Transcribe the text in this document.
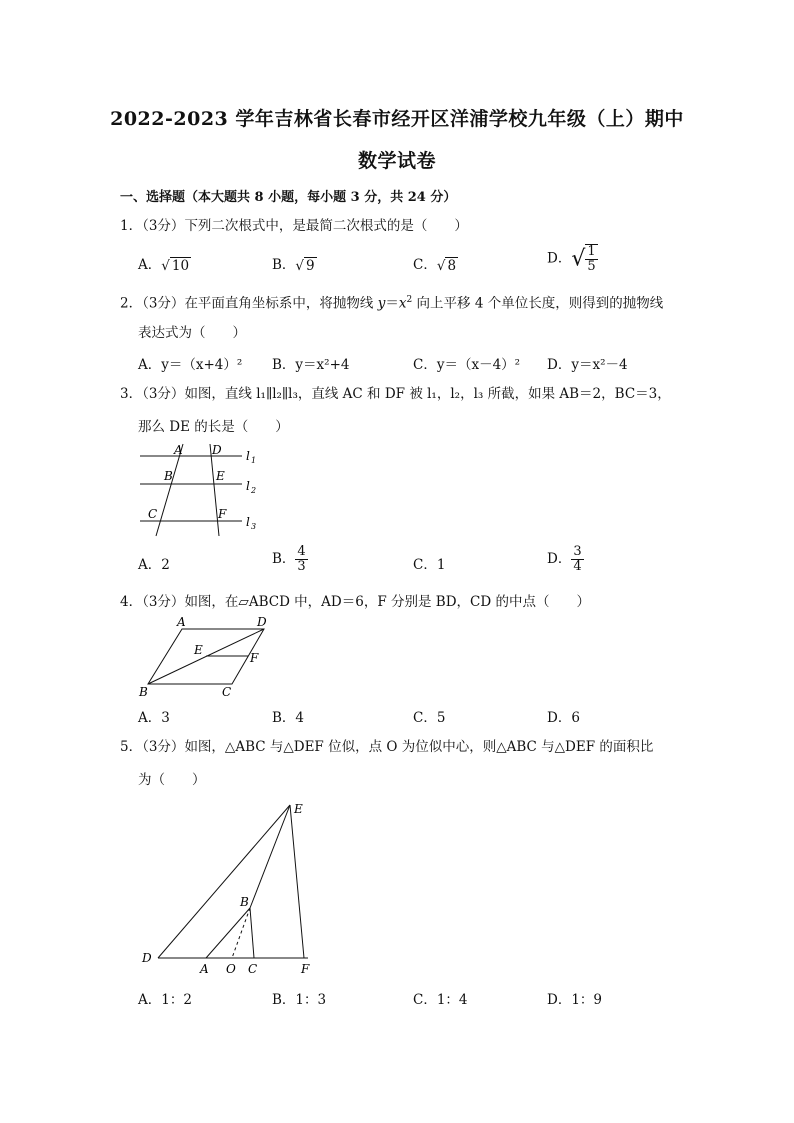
2022-2023 学年吉林省长春市经开区洋浦学校九年级（上）期中
数学试卷
一、选择题（本大题共 8 小题，每小题 3 分，共 24 分）
1．（3分）下列二次根式中，是最简二次根式的是（　　）
A．√ 10	B．√ 9	C．√ 8	D．√ $\frac{1}{5}$
2．（3分）在平面直角坐标系中，将抛物线 $y=x^2$ 向上平移 4 个单位长度，则得到的抛物线
表达式为（　　）
A．y＝（x+4）² B．y＝x²+4	C．y＝（x－4）² D．y＝x²－4
3．（3分）如图，直线 l₁∥l₂∥l₃，直线 AC 和 DF 被 l₁，l₂，l₃ 所截，如果 AB＝2，BC＝3，
那么 DE 的长是（　　）
A D
B	E
C	F
l 1
l 2
l 3
A．2	B． $\frac{4}{3}$	C．1	D． $\frac{3}{4}$
4．（3分）如图，在▱ABCD 中，AD＝6，F 分别是 BD，CD 的中点（　　）
A	D
E
F
B	C
A．3	B．4	C．5	D．6
5．（3分）如图，△ABC 与△DEF 位似，点 O 为位似中心，则△ABC 与△DEF 的面积比
为（　　）
E
B
D
A O C	F
A．1：2	B．1：3	C．1：4	D．1：9
